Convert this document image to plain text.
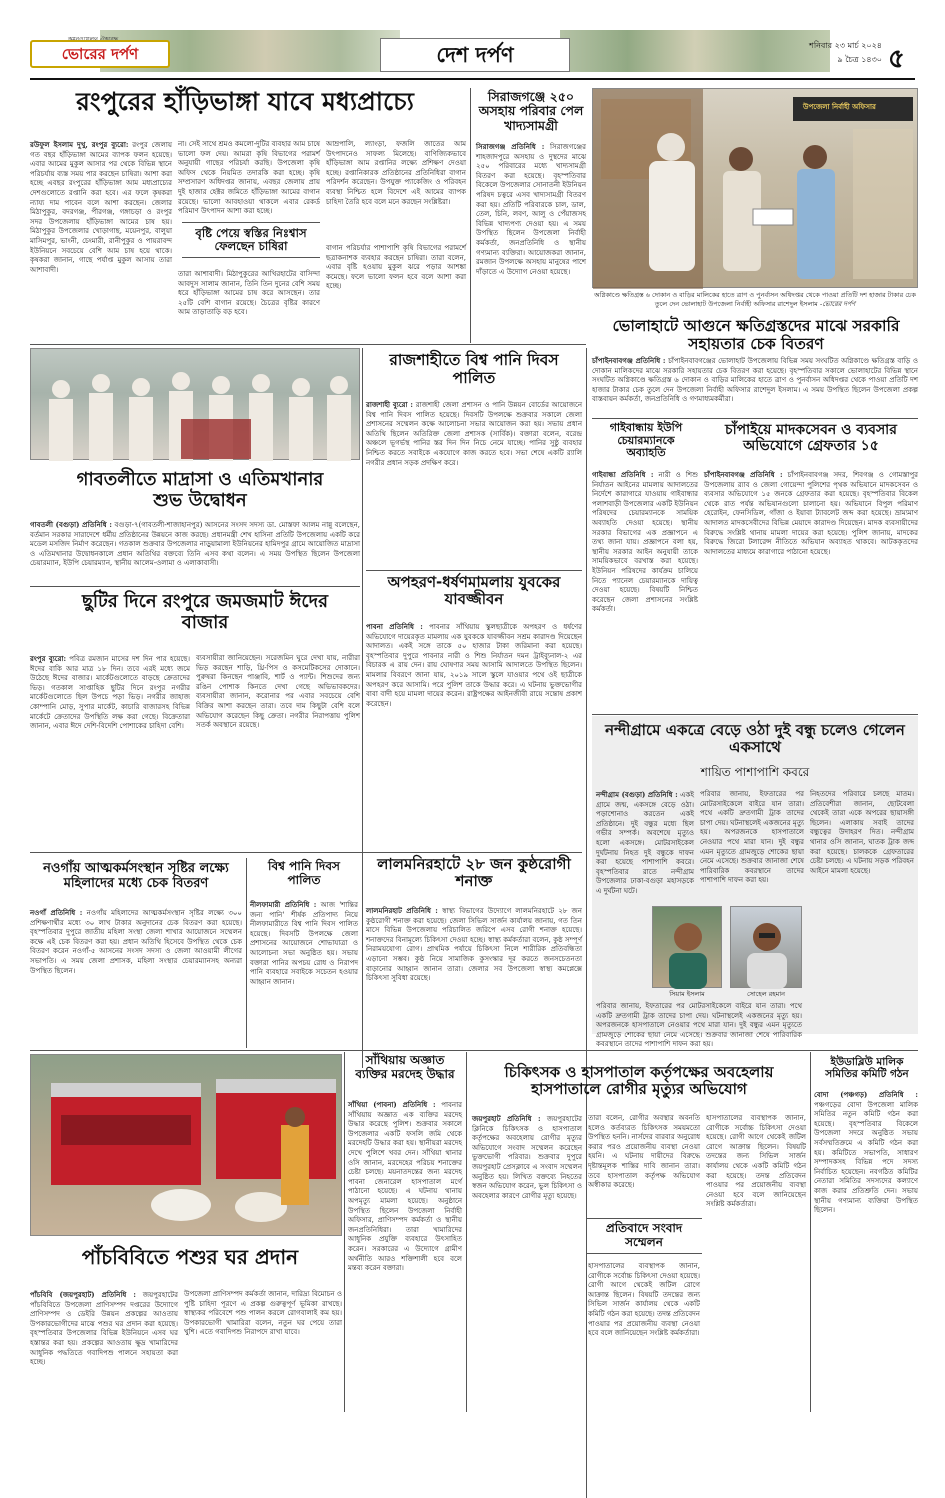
ভোরের দর্পণ	দেশ দর্পণ	শনিবার ২৩ মার্চ ২০২৪
৯ চৈত্র ১৪৩০ ৫
রংপুরের হাঁড়িভাঙ্গা যাবে মধ্যপ্রাচ্যে
রউফুল ইসলাম দুখু, রংপুর ব্যুরো: রংপুর জেলায় গত বছর হাঁড়িভাঙ্গা আমের ব্যাপক ফলন হয়েছে। এবার আমের মুকুল আসার পর থেকে বিভিন্ন স্থানে পরিচর্যায় ব্যস্ত সময় পার করছেন চাষিরা। আশা করা হচ্ছে এবছর রংপুরের হাঁড়িভাঙ্গা আম মধ্যপ্রাচ্যের দেশগুলোতে রপ্তানি করা হবে। এর ফলে কৃষকরা ন্যায্য দাম পাবেন বলে আশা করছেন। জেলার মিঠাপুকুর, বদরগঞ্জ, পীরগঞ্জ, গঙ্গাচড়া ও রংপুর সদর উপজেলায় হাঁড়িভাঙ্গা আমের চাষ হয়। মিঠাপুকুর উপজেলার খোড়াগাছ, ময়েনপুর, বালুয়া মাসিমপুর, ভাংনী, চেংমারী, রানীপুকুর ও পায়রাবন্দ ইউনিয়নে সবচেয়ে বেশি আম চাষ হয়ে থাকে। কৃষকরা জানান, গাছে পর্যাপ্ত মুকুল আসায় তারা আশাবাদী।
না। সেই সাথে শ্রমও কমলো-দুটির ব্যবহার আম চাষে ভালো ফল দেয়। আমরা কৃষি বিভাগের পরামর্শ অনুযায়ী গাছের পরিচর্যা করছি। উপজেলা কৃষি অফিস থেকে নিয়মিত তদারকি করা হচ্ছে। কৃষি সম্প্রসারণ অধিদপ্তর জানায়, এবছর জেলায় প্রায় দুই হাজার হেক্টর জমিতে হাঁড়িভাঙ্গা আমের বাগান রয়েছে। ভালো আবহাওয়া থাকলে এবার রেকর্ড পরিমাণ উৎপাদন আশা করা হচ্ছে।
আম্রপালি, ল্যাংড়া, ফজলি জাতের আম উৎপাদনেও সাফল্য মিলেছে। বাণিজ্যিকভাবে হাঁড়িভাঙ্গা আম রপ্তানির লক্ষ্যে প্রশিক্ষণ দেওয়া হচ্ছে। রপ্তানিকারক প্রতিষ্ঠানের প্রতিনিধিরা বাগান পরিদর্শন করেছেন। উপযুক্ত প্যাকেজিং ও পরিবহন ব্যবস্থা নিশ্চিত হলে বিদেশে এই আমের ব্যাপক চাহিদা তৈরি হবে বলে মনে করছেন সংশ্লিষ্টরা।
বৃষ্টি পেয়ে স্বস্তির নিঃশ্বাস ফেলছেন চাষিরা
তারা আশাবাদী। মিঠাপুকুরের আখিরহাটের বাসিন্দা আবদুস সালাম জানান, তিনি তিন দুনের বেশি সময় ধরে হাঁড়িভাঙ্গা আমের চাষ করে আসছেন। তার ২৫টি বেশি বাগান রয়েছে। চৈত্রের বৃষ্টির কারণে আম তাড়াতাড়ি বড় হবে।
বাগান পরিচর্যার পাশাপাশি কৃষি বিভাগের পরামর্শে ছত্রাকনাশক ব্যবহার করছেন চাষিরা। তারা বলেন, এবার বৃষ্টি হওয়ায় মুকুল ঝরে পড়ার আশঙ্কা কমেছে। ফলে ভালো ফলন হবে বলে আশা করা হচ্ছে।
সিরাজগঞ্জে ২৫০ অসহায় পরিবার পেল খাদ্যসামগ্রী
সিরাজগঞ্জ প্রতিনিধি : সিরাজগঞ্জের শাহজাদপুরে অসহায় ও দুস্থদের মাঝে ২৫০ পরিবারের মধ্যে খাদ্যসামগ্রী বিতরণ করা হয়েছে। বৃহস্পতিবার বিকেলে উপজেলার সোনাতনী ইউনিয়ন পরিষদ চত্বরে এসব খাদ্যসামগ্রী বিতরণ করা হয়। প্রতিটি পরিবারকে চাল, ডাল, তেল, চিনি, লবণ, আলু ও পেঁয়াজসহ বিভিন্ন খাদ্যপণ্য দেওয়া হয়। এ সময় উপস্থিত ছিলেন উপজেলা নির্বাহী কর্মকর্তা, জনপ্রতিনিধি ও স্থানীয় গণ্যমান্য ব্যক্তিরা। আয়োজকরা জানান, রমজান উপলক্ষে অসহায় মানুষের পাশে দাঁড়াতে এ উদ্যোগ নেওয়া হয়েছে।
উপজেলা নির্বাহী অফিসার
অগ্নিকাণ্ডে ক্ষতিগ্রস্ত ৬ দোকান ও বাড়ির মালিকের হাতে ত্রাণ ও পুনর্বাসন অধিদপ্তর থেকে পাওয়া প্রতিটি দশ হাজার টাকার চেক তুলে দেন ভোলাহাট উপজেলা নির্বাহী অফিসার রাশেদুল ইসলাম -ভোরের দর্পণ
ভোলাহাটে আগুনে ক্ষতিগ্রস্তদের মাঝে সরকারি সহায়তার চেক বিতরণ
চাঁপাইনবাবগঞ্জ প্রতিনিধি : চাঁপাইনবাবগঞ্জের ভোলাহাট উপজেলায় বিভিন্ন সময় সংঘটিত অগ্নিকাণ্ডে ক্ষতিগ্রস্ত বাড়ি ও দোকান মালিকদের মাঝে সরকারি সহায়তার চেক বিতরণ করা হয়েছে। বৃহস্পতিবার সকালে ভোলাহাটের বিভিন্ন স্থানে সংঘটিত অগ্নিকাণ্ডে ক্ষতিগ্রস্ত ৬ দোকান ও বাড়ির মালিকের হাতে ত্রাণ ও পুনর্বাসন অধিদপ্তর থেকে পাওয়া প্রতিটি দশ হাজার টাকার চেক তুলে দেন উপজেলা নির্বাহী অফিসার রাশেদুল ইসলাম। এ সময় উপস্থিত ছিলেন উপজেলা প্রকল্প বাস্তবায়ন কর্মকর্তা, জনপ্রতিনিধি ও গণমাধ্যমকর্মীরা।
গাবতলীতে মাদ্রাসা ও এতিমখানার শুভ উদ্বোধন
গাবতলী (বগুড়া) প্রতিনিধি : বগুড়া-৭(গাবতলী-শাজাহানপুর) আসনের সংসদ সদস্য ডা. মোস্তফা আলম নান্নু বলেছেন, বর্তমান সরকার সারাদেশে ধর্মীয় প্রতিষ্ঠানের উন্নয়নে কাজ করছে। প্রধানমন্ত্রী শেখ হাসিনা প্রতিটি উপজেলায় একটি করে মডেল মসজিদ নির্মাণ করেছেন। গতকাল শুক্রবার উপজেলার নাড়ুয়ামালা ইউনিয়নের হামিদপুর গ্রামে আয়োজিত মাদ্রাসা ও এতিমখানার উদ্বোধনকালে প্রধান অতিথির বক্তব্যে তিনি এসব কথা বলেন। এ সময় উপস্থিত ছিলেন উপজেলা চেয়ারম্যান, ইউপি চেয়ারম্যান, স্থানীয় আলেম-ওলামা ও এলাকাবাসী।
রাজশাহীতে বিশ্ব পানি দিবস পালিত
রাজশাহী ব্যুরো : রাজশাহী জেলা প্রশাসন ও পানি উন্নয়ন বোর্ডের আয়োজনে বিশ্ব পানি দিবস পালিত হয়েছে। দিবসটি উপলক্ষে শুক্রবার সকালে জেলা প্রশাসনের সম্মেলন কক্ষে আলোচনা সভার আয়োজন করা হয়। সভায় প্রধান অতিথি ছিলেন অতিরিক্ত জেলা প্রশাসক (সার্বিক)। বক্তারা বলেন, বরেন্দ্র অঞ্চলে ভূগর্ভস্থ পানির স্তর দিন দিন নিচে নেমে যাচ্ছে। পানির সুষ্ঠু ব্যবহার নিশ্চিত করতে সবাইকে একযোগে কাজ করতে হবে। সভা শেষে একটি র‍্যালি নগরীর প্রধান সড়ক প্রদক্ষিণ করে।
গাইবান্ধায় ইউপি চেয়ারম্যানকে অব্যাহতি
গাইবান্ধা প্রতিনিধি : নারী ও শিশু নির্যাতন আইনের মামলায় আদালতের নির্দেশে কারাগারে যাওয়ায় গাইবান্ধার পলাশবাড়ী উপজেলার একটি ইউনিয়ন পরিষদের চেয়ারম্যানকে সাময়িক অব্যাহতি দেওয়া হয়েছে। স্থানীয় সরকার বিভাগের এক প্রজ্ঞাপনে এ তথ্য জানা যায়। প্রজ্ঞাপনে বলা হয়, স্থানীয় সরকার আইন অনুযায়ী তাকে সাময়িকভাবে বরখাস্ত করা হয়েছে। ইউনিয়ন পরিষদের কার্যক্রম চালিয়ে নিতে প্যানেল চেয়ারম্যানকে দায়িত্ব দেওয়া হয়েছে। বিষয়টি নিশ্চিত করেছেন জেলা প্রশাসনের সংশ্লিষ্ট কর্মকর্তা।
চাঁপাইয়ে মাদকসেবন ও ব্যবসার অভিযোগে গ্রেফতার ১৫
চাঁপাইনবাবগঞ্জ প্রতিনিধি : চাঁপাইনবাবগঞ্জ সদর, শিবগঞ্জ ও গোমস্তাপুর উপজেলায় র‍্যাব ও জেলা গোয়েন্দা পুলিশের পৃথক অভিযানে মাদকসেবন ও ব্যবসার অভিযোগে ১৫ জনকে গ্রেফতার করা হয়েছে। বৃহস্পতিবার বিকেল থেকে রাত পর্যন্ত অভিযানগুলো চালানো হয়। অভিযানে বিপুল পরিমাণ হেরোইন, ফেনসিডিল, গাঁজা ও ইয়াবা ট্যাবলেট জব্দ করা হয়েছে। ভ্রাম্যমাণ আদালত মাদকসেবীদের বিভিন্ন মেয়াদে কারাদণ্ড দিয়েছেন। মাদক ব্যবসায়ীদের বিরুদ্ধে সংশ্লিষ্ট থানায় মামলা দায়ের করা হয়েছে। পুলিশ জানায়, মাদকের বিরুদ্ধে জিরো টলারেন্স নীতিতে অভিযান অব্যাহত থাকবে। আটককৃতদের আদালতের মাধ্যমে কারাগারে পাঠানো হয়েছে।
অপহরণ-ধর্ষণমামলায় যুবকের যাবজ্জীবন
পাবনা প্রতিনিধি : পাবনার সাঁথিয়ায় স্কুলছাত্রীকে অপহরণ ও ধর্ষণের অভিযোগে দায়েরকৃত মামলায় এক যুবককে যাবজ্জীবন সশ্রম কারাদণ্ড দিয়েছেন আদালত। একই সঙ্গে তাকে ৫০ হাজার টাকা জরিমানা করা হয়েছে। বৃহস্পতিবার দুপুরে পাবনার নারী ও শিশু নির্যাতন দমন ট্রাইব্যুনাল-২ এর বিচারক এ রায় দেন। রায় ঘোষণার সময় আসামি আদালতে উপস্থিত ছিলেন। মামলার বিবরণে জানা যায়, ২০১৯ সালে স্কুলে যাওয়ার পথে ওই ছাত্রীকে অপহরণ করে আসামি। পরে পুলিশ তাকে উদ্ধার করে। এ ঘটনায় ভুক্তভোগীর বাবা বাদী হয়ে মামলা দায়ের করেন। রাষ্ট্রপক্ষের আইনজীবী রায়ে সন্তোষ প্রকাশ করেছেন।
ছুটির দিনে রংপুরে জমজমাট ঈদের বাজার
রংপুর ব্যুরো: পবিত্র রমজান মাসের দশ দিন পার হয়েছে। ঈদের বাকি আর মাত্র ১৮ দিন। তবে এরই মধ্যে জমে উঠেছে ঈদের বাজার। মার্কেটগুলোতে বাড়ছে ক্রেতাদের ভিড়। গতকাল সাপ্তাহিক ছুটির দিনে রংপুর নগরীর মার্কেটগুলোতে ছিল উপচে পড়া ভিড়। নগরীর জাহাজ কোম্পানি মোড়, সুপার মার্কেট, কাচারি বাজারসহ বিভিন্ন মার্কেটে ক্রেতাদের উপস্থিতি লক্ষ করা গেছে। বিক্রেতারা জানান, এবার ঈদে দেশি-বিদেশি পোশাকের চাহিদা বেশি।
ব্যবসায়ীরা জানিয়েছেন। সরেজমিন ঘুরে দেখা যায়, নারীরা ভিড় করছেন শাড়ি, থ্রি-পিস ও কসমেটিকসের দোকানে। পুরুষরা কিনছেন পাঞ্জাবি, শার্ট ও প্যান্ট। শিশুদের জন্য রঙিন পোশাক কিনতে দেখা গেছে অভিভাবকদের। ব্যবসায়ীরা জানান, করোনার পর এবার সবচেয়ে বেশি বিক্রির আশা করছেন তারা। তবে দাম কিছুটা বেশি বলে অভিযোগ করেছেন কিছু ক্রেতা। নগরীর নিরাপত্তায় পুলিশ সতর্ক অবস্থানে রয়েছে।	নন্দীগ্রামে একত্রে বেড়ে ওঠা দুই বন্ধু চলেও গেলেন একসাথে
শায়িত পাশাপাশি কবরে
নন্দীগ্রাম (বগুড়া) প্রতিনিধি : একই গ্রামে জন্ম, একসঙ্গে বেড়ে ওঠা। পড়াশোনাও করতেন একই প্রতিষ্ঠানে। দুই বন্ধুর মধ্যে ছিল গভীর সম্পর্ক। অবশেষে মৃত্যুও হলো একসঙ্গে। মোটরসাইকেল দুর্ঘটনায় নিহত দুই বন্ধুকে দাফন করা হয়েছে পাশাপাশি কবরে। বৃহস্পতিবার রাতে নন্দীগ্রাম উপজেলার ঢাকা-বগুড়া মহাসড়কে এ দুর্ঘটনা ঘটে।
পরিবার জানায়, ইফতারের পর মোটরসাইকেলে বাইরে যান তারা। পথে একটি দ্রুতগামী ট্রাক তাদের চাপা দেয়। ঘটনাস্থলেই একজনের মৃত্যু হয়। অপরজনকে হাসপাতালে নেওয়ার পথে মারা যান। দুই বন্ধুর এমন মৃত্যুতে গ্রামজুড়ে শোকের ছায়া নেমে এসেছে। শুক্রবার জানাজা শেষে পারিবারিক কবরস্থানে তাদের পাশাপাশি দাফন করা হয়।
নিহতদের পরিবারে চলছে মাতম। প্রতিবেশীরা জানান, ছোটবেলা থেকেই তারা একে অপরের ছায়াসঙ্গী ছিলেন। এলাকায় সবাই তাদের বন্ধুত্বের উদাহরণ দিত। নন্দীগ্রাম থানার ওসি জানান, ঘাতক ট্রাক জব্দ করা হয়েছে। চালককে গ্রেফতারের চেষ্টা চলছে। এ ঘটনায় সড়ক পরিবহন আইনে মামলা হয়েছে।
সিয়াম ইসলাম	সোহেল রহমান
পরিবার জানায়, ইফতারের পর মোটরসাইকেলে বাইরে যান তারা। পথে একটি দ্রুতগামী ট্রাক তাদের চাপা দেয়। ঘটনাস্থলেই একজনের মৃত্যু হয়। অপরজনকে হাসপাতালে নেওয়ার পথে মারা যান। দুই বন্ধুর এমন মৃত্যুতে গ্রামজুড়ে শোকের ছায়া নেমে এসেছে। শুক্রবার জানাজা শেষে পারিবারিক কবরস্থানে তাদের পাশাপাশি দাফন করা হয়।
নওগাঁয় আত্মকর্মসংস্থান সৃষ্টির লক্ষ্যে মহিলাদের মধ্যে চেক বিতরণ
নওগাঁ প্রতিনিধি : নওগাঁয় মহিলাদের আত্মকর্মসংস্থান সৃষ্টির লক্ষ্যে ৩০০ প্রশিক্ষণার্থীর মধ্যে ৩০ লাখ টাকার অনুদানের চেক বিতরণ করা হয়েছে। বৃহস্পতিবার দুপুরে জাতীয় মহিলা সংস্থা জেলা শাখার আয়োজনে সম্মেলন কক্ষে এই চেক বিতরণ করা হয়। প্রধান অতিথি হিসেবে উপস্থিত থেকে চেক বিতরণ করেন নওগাঁ-৫ আসনের সংসদ সদস্য ও জেলা আওয়ামী লীগের সভাপতি। এ সময় জেলা প্রশাসক, মহিলা সংস্থার চেয়ারম্যানসহ অন্যরা উপস্থিত ছিলেন।
বিশ্ব পানি দিবস পালিত
নীলফামারী প্রতিনিধি : আজ 'শান্তির জন্য পানি' শীর্ষক প্রতিপাদ্য নিয়ে নীলফামারীতে বিশ্ব পানি দিবস পালিত হয়েছে। দিবসটি উপলক্ষে জেলা প্রশাসনের আয়োজনে শোভাযাত্রা ও আলোচনা সভা অনুষ্ঠিত হয়। সভায় বক্তারা পানির অপচয় রোধ ও নিরাপদ পানি ব্যবহারে সবাইকে সচেতন হওয়ার আহ্বান জানান।
লালমনিরহাটে ২৮ জন কুষ্ঠরোগী শনাক্ত
লালমনিরহাট প্রতিনিধি : স্বাস্থ্য বিভাগের উদ্যোগে লালমনিরহাটে ২৮ জন কুষ্ঠরোগী শনাক্ত করা হয়েছে। জেলা সিভিল সার্জন কার্যালয় জানায়, গত তিন মাসে বিভিন্ন উপজেলায় পরিচালিত জরিপে এসব রোগী শনাক্ত হয়েছে। শনাক্তদের বিনামূল্যে চিকিৎসা দেওয়া হচ্ছে। স্বাস্থ্য কর্মকর্তারা বলেন, কুষ্ঠ সম্পূর্ণ নিরাময়যোগ্য রোগ। প্রাথমিক পর্যায়ে চিকিৎসা নিলে শারীরিক প্রতিবন্ধিতা এড়ানো সম্ভব। কুষ্ঠ নিয়ে সামাজিক কুসংস্কার দূর করতে জনসচেতনতা বাড়ানোর আহ্বান জানান তারা। জেলার সব উপজেলা স্বাস্থ্য কমপ্লেক্সে চিকিৎসা সুবিধা রয়েছে।
পাঁচবিবিতে পশুর ঘর প্রদান
পাঁচবিবি (জয়পুরহাট) প্রতিনিধি : জয়পুরহাটের পাঁচবিবিতে উপজেলা প্রাণিসম্পদ দপ্তরের উদ্যোগে প্রাণিসম্পদ ও ডেইরি উন্নয়ন প্রকল্পের আওতায় উপকারভোগীদের মাঝে পশুর ঘর প্রদান করা হয়েছে। বৃহস্পতিবার উপজেলার বিভিন্ন ইউনিয়নে এসব ঘর হস্তান্তর করা হয়। প্রকল্পের আওতায় ক্ষুদ্র খামারিদের আধুনিক পদ্ধতিতে গবাদিপশু পালনে সহায়তা করা হচ্ছে।
উপজেলা প্রাণিসম্পদ কর্মকর্তা জানান, দারিদ্র্য বিমোচন ও পুষ্টি চাহিদা পূরণে এ প্রকল্প গুরুত্বপূর্ণ ভূমিকা রাখছে। স্বাস্থ্যকর পরিবেশে পশু পালন করলে রোগবালাই কম হয়। উপকারভোগী খামারিরা বলেন, নতুন ঘর পেয়ে তারা খুশি। এতে গবাদিপশু নিরাপদে রাখা যাবে।
সাঁথিয়ায় অজ্ঞাত ব্যক্তির মরদেহ উদ্ধার
সাঁথিয়া (পাবনা) প্রতিনিধি : পাবনার সাঁথিয়ায় অজ্ঞাত এক ব্যক্তির মরদেহ উদ্ধার করেছে পুলিশ। শুক্রবার সকালে উপজেলার একটি ফসলি জমি থেকে মরদেহটি উদ্ধার করা হয়। স্থানীয়রা মরদেহ দেখে পুলিশে খবর দেন। সাঁথিয়া থানার ওসি জানান, মরদেহের পরিচয় শনাক্তের চেষ্টা চলছে। ময়নাতদন্তের জন্য মরদেহ পাবনা জেনারেল হাসপাতাল মর্গে পাঠানো হয়েছে। এ ঘটনায় থানায় অপমৃত্যু মামলা হয়েছে। অনুষ্ঠানে উপস্থিত ছিলেন উপজেলা নির্বাহী অফিসার, প্রাণিসম্পদ কর্মকর্তা ও স্থানীয় জনপ্রতিনিধিরা। তারা খামারিদের আধুনিক প্রযুক্তি ব্যবহারে উৎসাহিত করেন। সরকারের এ উদ্যোগে গ্রামীণ অর্থনীতি আরও শক্তিশালী হবে বলে মন্তব্য করেন বক্তারা।
চিকিৎসক ও হাসপাতাল কর্তৃপক্ষের অবহেলায় হাসপাতালে রোগীর মৃত্যুর অভিযোগ
জয়পুরহাট প্রতিনিধি : জয়পুরহাটের ক্লিনিকে চিকিৎসক ও হাসপাতাল কর্তৃপক্ষের অবহেলায় রোগীর মৃত্যুর অভিযোগে সংবাদ সম্মেলন করেছেন ভুক্তভোগী পরিবার। শুক্রবার দুপুরে জয়পুরহাট প্রেসক্লাবে এ সংবাদ সম্মেলন অনুষ্ঠিত হয়। লিখিত বক্তব্যে নিহতের স্বজন অভিযোগ করেন, ভুল চিকিৎসা ও অবহেলার কারণে রোগীর মৃত্যু হয়েছে।
প্রতিবাদে সংবাদ সম্মেলন
তারা বলেন, রোগীর অবস্থার অবনতি হলেও কর্তব্যরত চিকিৎসক সময়মতো উপস্থিত হননি। নার্সদের বারবার অনুরোধ করার পরও প্রয়োজনীয় ব্যবস্থা নেওয়া হয়নি। এ ঘটনায় দায়ীদের বিরুদ্ধে দৃষ্টান্তমূলক শাস্তির দাবি জানান তারা। তবে হাসপাতাল কর্তৃপক্ষ অভিযোগ অস্বীকার করেছে।
হাসপাতালের ব্যবস্থাপক জানান, রোগীকে সর্বোচ্চ চিকিৎসা দেওয়া হয়েছে। রোগী আগে থেকেই জটিল রোগে আক্রান্ত ছিলেন। বিষয়টি তদন্তের জন্য সিভিল সার্জন কার্যালয় থেকে একটি কমিটি গঠন করা হয়েছে। তদন্ত প্রতিবেদন পাওয়ার পর প্রয়োজনীয় ব্যবস্থা নেওয়া হবে বলে জানিয়েছেন সংশ্লিষ্ট কর্মকর্তারা।
হাসপাতালের ব্যবস্থাপক জানান, রোগীকে সর্বোচ্চ চিকিৎসা দেওয়া হয়েছে। রোগী আগে থেকেই জটিল রোগে আক্রান্ত ছিলেন। বিষয়টি তদন্তের জন্য সিভিল সার্জন কার্যালয় থেকে একটি কমিটি গঠন করা হয়েছে। তদন্ত প্রতিবেদন পাওয়ার পর প্রয়োজনীয় ব্যবস্থা নেওয়া হবে বলে জানিয়েছেন সংশ্লিষ্ট কর্মকর্তারা।
ইউডাব্লিউ মালিক সমিতির কমিটি গঠন
বোদা (পঞ্চগড়) প্রতিনিধি : পঞ্চগড়ের বোদা উপজেলা মালিক সমিতির নতুন কমিটি গঠন করা হয়েছে। বৃহস্পতিবার বিকেলে উপজেলা সদরে অনুষ্ঠিত সভায় সর্বসম্মতিক্রমে এ কমিটি গঠন করা হয়। কমিটিতে সভাপতি, সাধারণ সম্পাদকসহ বিভিন্ন পদে সদস্য নির্বাচিত হয়েছেন। নবগঠিত কমিটির নেতারা সমিতির সদস্যদের কল্যাণে কাজ করার প্রতিশ্রুতি দেন। সভায় স্থানীয় গণ্যমান্য ব্যক্তিরা উপস্থিত ছিলেন।
